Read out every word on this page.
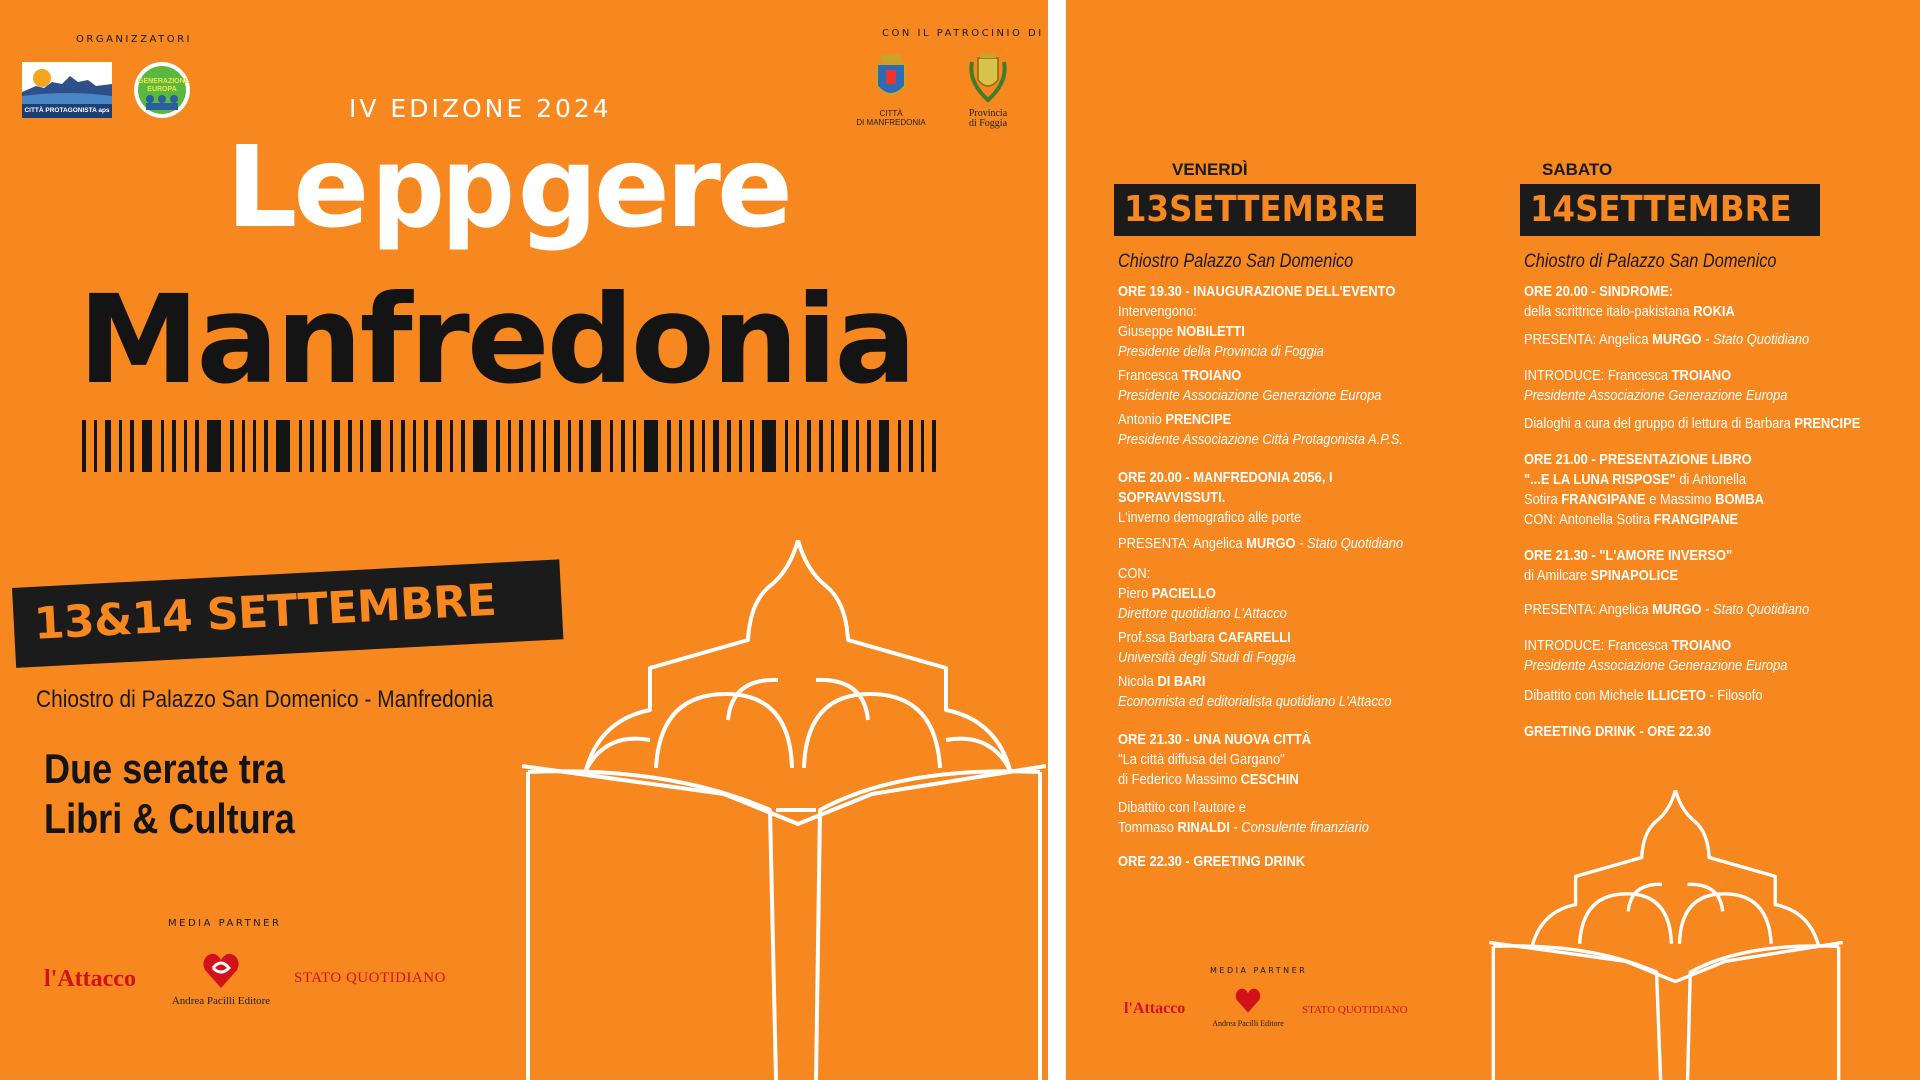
ORGANIZZATORI
CITTÀ PROTAGONISTA aps
GENERAZIONE EUROPA
CON IL PATROCINIO DI
CITTÀ
DI MANFREDONIA
Provincia
di Foggia
IV EDIZONE 2024
Leppgere
Manfredonia
13&14 SETTEMBRE
Chiostro di Palazzo San Domenico - Manfredonia
Due serate tra
Libri & Cultura
MEDIA PARTNER
l'Attacco
Andrea Pacilli Editore
STATO QUOTIDIANO
VENERDÌ
13SETTEMBRE
SABATO
14SETTEMBRE
Chiostro Palazzo San Domenico
ORE 19.30 - INAUGURAZIONE DELL'EVENTO
Intervengono:
Giuseppe NOBILETTI
Presidente della Provincia di Foggia
Francesca TROIANO
Presidente Associazione Generazione Europa
Antonio PRENCIPE
Presidente Associazione Città Protagonista A.P.S.
ORE 20.00 - MANFREDONIA 2056, I SOPRAVVISSUTI.
L'inverno demografico alle porte
PRESENTA: Angelica MURGO - Stato Quotidiano
CON:
Piero PACIELLO
Direttore quotidiano L'Attacco
Prof.ssa Barbara CAFARELLI
Università degli Studi di Foggia
Nicola DI BARI
Economista ed editorialista quotidiano L'Attacco
ORE 21.30 - UNA NUOVA CITTÀ
"La città diffusa del Gargano"
di Federico Massimo CESCHIN
Dibattito con l'autore e
Tommaso RINALDI - Consulente finanziario
ORE 22.30 - GREETING DRINK
Chiostro di Palazzo San Domenico
ORE 20.00 - SINDROME:
della scrittrice italo-pakistana ROKIA
PRESENTA: Angelica MURGO - Stato Quotidiano
INTRODUCE: Francesca TROIANO
Presidente Associazione Generazione Europa
Dialoghi a cura del gruppo di lettura di Barbara PRENCIPE
ORE 21.00 - PRESENTAZIONE LIBRO
"...E LA LUNA RISPOSE" di Antonella
Sotira FRANGIPANE e Massimo BOMBA
CON: Antonella Sotira FRANGIPANE
ORE 21.30 - "L'AMORE INVERSO"
di Amilcare SPINAPOLICE
PRESENTA: Angelica MURGO - Stato Quotidiano
INTRODUCE: Francesca TROIANO
Presidente Associazione Generazione Europa
Dibattito con Michele ILLICETO - Filosofo
GREETING DRINK - ORE 22.30
MEDIA PARTNER
l'Attacco
Andrea Pacilli Editore
STATO QUOTIDIANO
